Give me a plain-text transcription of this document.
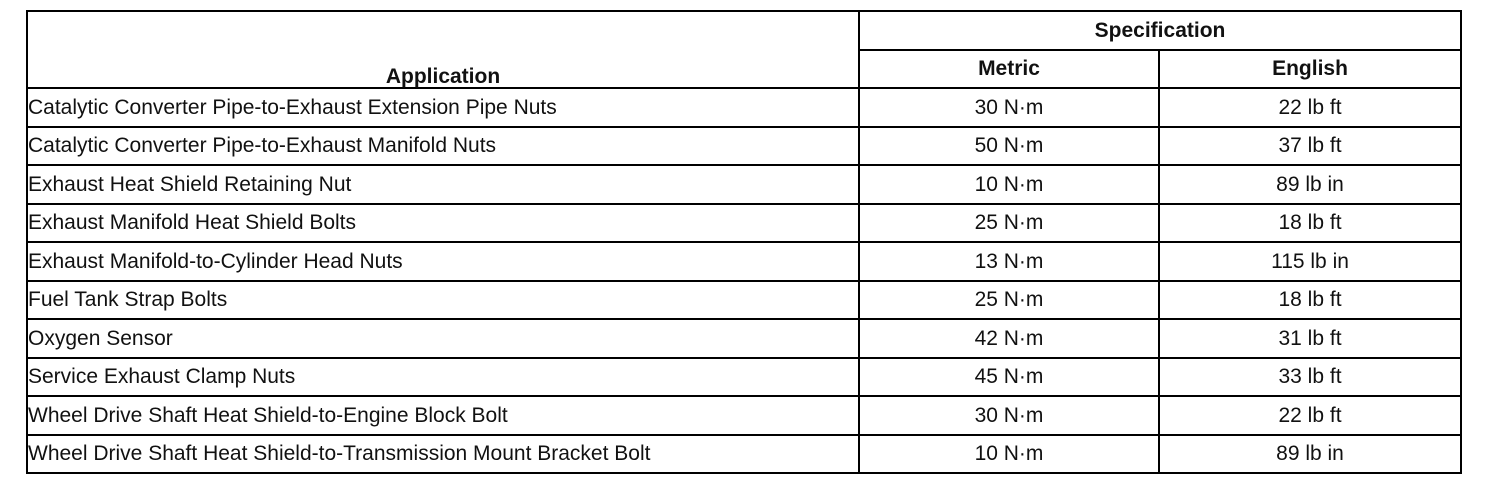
Application	Specification	
	Metric	English
Catalytic Converter Pipe-to-Exhaust Extension Pipe Nuts	30 N·m	22 lb ft
Catalytic Converter Pipe-to-Exhaust Manifold Nuts	50 N·m	37 lb ft
Exhaust Heat Shield Retaining Nut	10 N·m	89 lb in
Exhaust Manifold Heat Shield Bolts	25 N·m	18 lb ft
Exhaust Manifold-to-Cylinder Head Nuts	13 N·m	115 lb in
Fuel Tank Strap Bolts	25 N·m	18 lb ft
Oxygen Sensor	42 N·m	31 lb ft
Service Exhaust Clamp Nuts	45 N·m	33 lb ft
Wheel Drive Shaft Heat Shield-to-Engine Block Bolt	30 N·m	22 lb ft
Wheel Drive Shaft Heat Shield-to-Transmission Mount Bracket Bolt	10 N·m	89 lb in
